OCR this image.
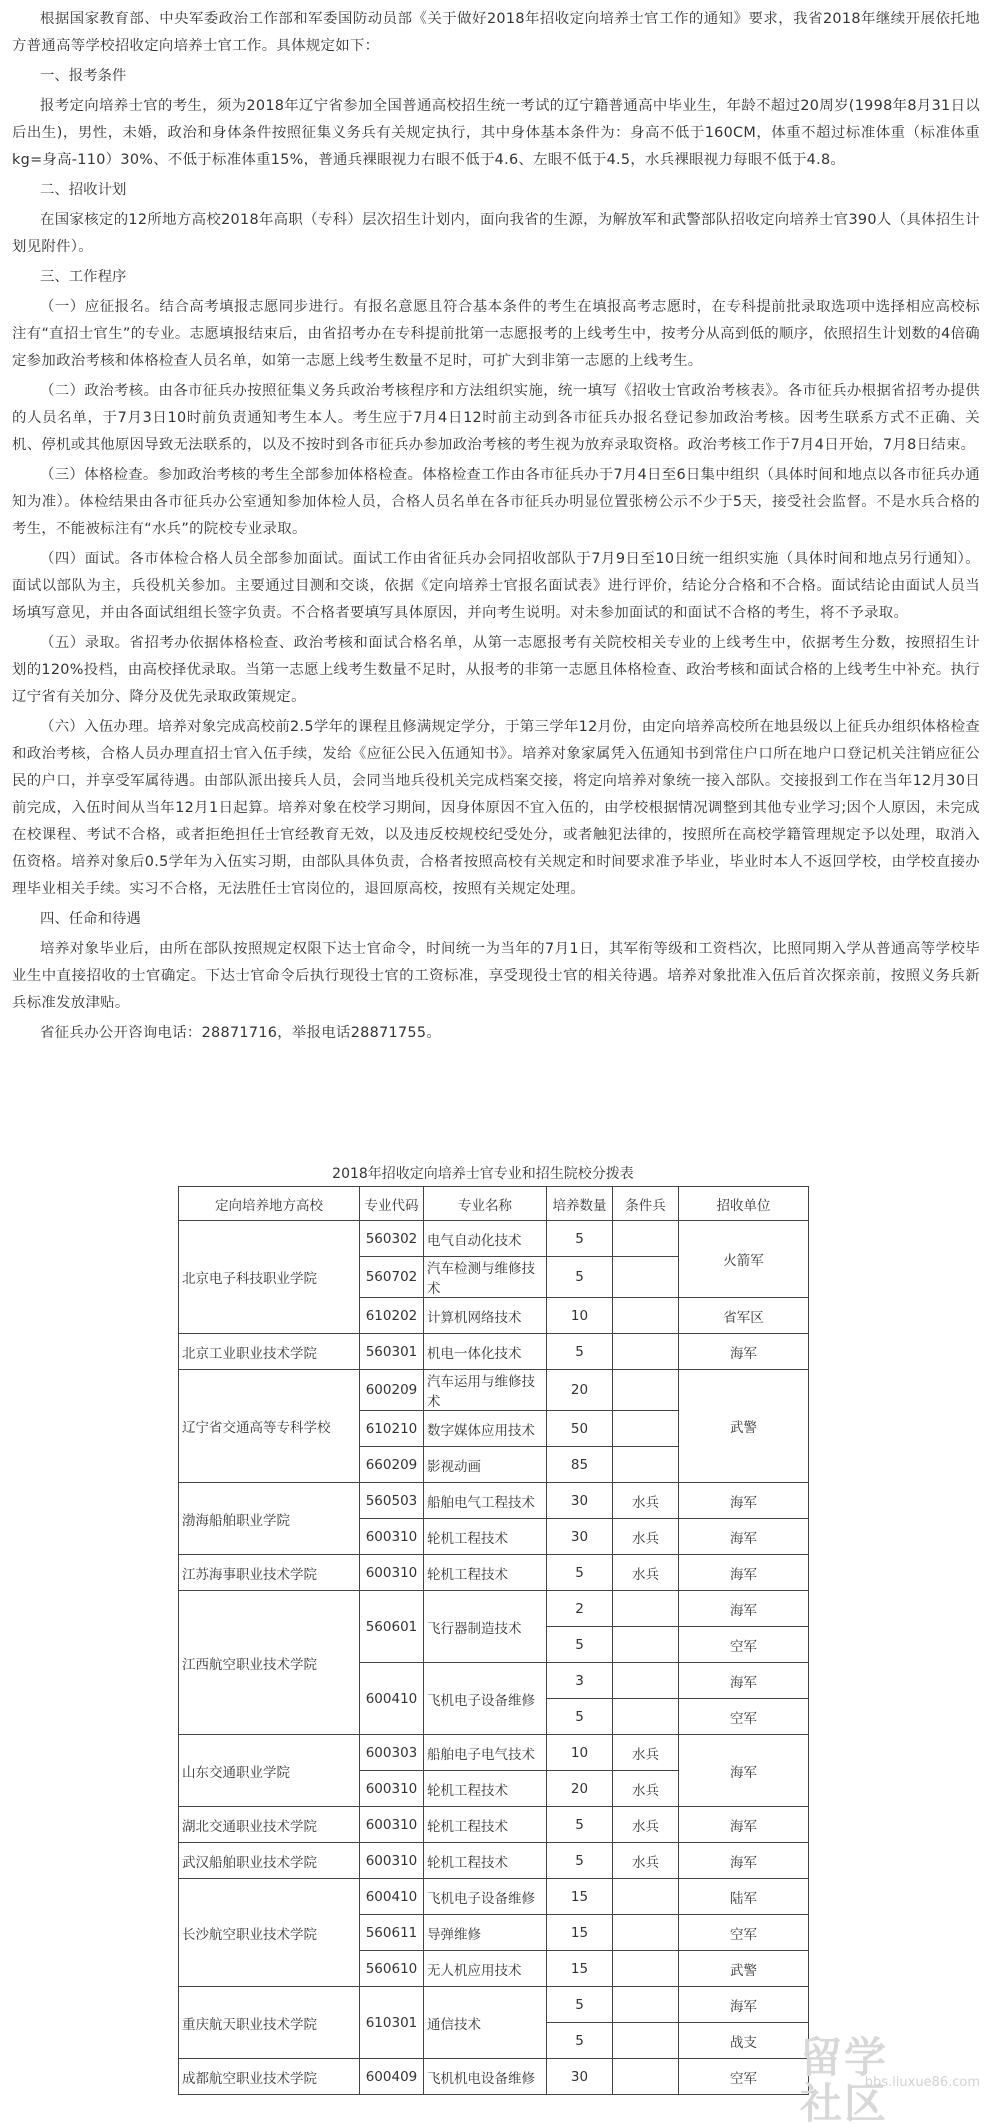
根据国家教育部、中央军委政治工作部和军委国防动员部《关于做好2018年招收定向培养士官工作的通知》要求，我省2018年继续开展依托地方普通高等学校招收定向培养士官工作。具体规定如下：

一、报考条件

报考定向培养士官的考生，须为2018年辽宁省参加全国普通高校招生统一考试的辽宁籍普通高中毕业生，年龄不超过20周岁(1998年8月31日以后出生)，男性，未婚，政治和身体条件按照征集义务兵有关规定执行，其中身体基本条件为：身高不低于160CM，体重不超过标准体重（标准体重kg=身高-110）30%、不低于标准体重15%，普通兵裸眼视力右眼不低于4.6、左眼不低于4.5，水兵裸眼视力每眼不低于4.8。

二、招收计划

在国家核定的12所地方高校2018年高职（专科）层次招生计划内，面向我省的生源，为解放军和武警部队招收定向培养士官390人（具体招生计划见附件）。

三、工作程序

（一）应征报名。结合高考填报志愿同步进行。有报名意愿且符合基本条件的考生在填报高考志愿时，在专科提前批录取选项中选择相应高校标注有“直招士官生”的专业。志愿填报结束后，由省招考办在专科提前批第一志愿报考的上线考生中，按考分从高到低的顺序，依照招生计划数的4倍确定参加政治考核和体格检查人员名单，如第一志愿上线考生数量不足时，可扩大到非第一志愿的上线考生。

（二）政治考核。由各市征兵办按照征集义务兵政治考核程序和方法组织实施，统一填写《招收士官政治考核表》。各市征兵办根据省招考办提供的人员名单，于7月3日10时前负责通知考生本人。考生应于7月4日12时前主动到各市征兵办报名登记参加政治考核。因考生联系方式不正确、关机、停机或其他原因导致无法联系的，以及不按时到各市征兵办参加政治考核的考生视为放弃录取资格。政治考核工作于7月4日开始，7月8日结束。

（三）体格检查。参加政治考核的考生全部参加体格检查。体格检查工作由各市征兵办于7月4日至6日集中组织（具体时间和地点以各市征兵办通知为准）。体检结果由各市征兵办公室通知参加体检人员，合格人员名单在各市征兵办明显位置张榜公示不少于5天，接受社会监督。不是水兵合格的考生，不能被标注有“水兵”的院校专业录取。

（四）面试。各市体检合格人员全部参加面试。面试工作由省征兵办会同招收部队于7月9日至10日统一组织实施（具体时间和地点另行通知）。面试以部队为主，兵役机关参加。主要通过目测和交谈，依据《定向培养士官报名面试表》进行评价，结论分合格和不合格。面试结论由面试人员当场填写意见，并由各面试组组长签字负责。不合格者要填写具体原因，并向考生说明。对未参加面试的和面试不合格的考生，将不予录取。

（五）录取。省招考办依据体格检查、政治考核和面试合格名单，从第一志愿报考有关院校相关专业的上线考生中，依据考生分数，按照招生计划的120%投档，由高校择优录取。当第一志愿上线考生数量不足时，从报考的非第一志愿且体格检查、政治考核和面试合格的上线考生中补充。执行辽宁省有关加分、降分及优先录取政策规定。

（六）入伍办理。培养对象完成高校前2.5学年的课程且修满规定学分，于第三学年12月份，由定向培养高校所在地县级以上征兵办组织体格检查和政治考核，合格人员办理直招士官入伍手续，发给《应征公民入伍通知书》。培养对象家属凭入伍通知书到常住户口所在地户口登记机关注销应征公民的户口，并享受军属待遇。由部队派出接兵人员，会同当地兵役机关完成档案交接，将定向培养对象统一接入部队。交接报到工作在当年12月30日前完成，入伍时间从当年12月1日起算。培养对象在校学习期间，因身体原因不宜入伍的，由学校根据情况调整到其他专业学习;因个人原因，未完成在校课程、考试不合格，或者拒绝担任士官经教育无效，以及违反校规校纪受处分，或者触犯法律的，按照所在高校学籍管理规定予以处理，取消入伍资格。培养对象后0.5学年为入伍实习期，由部队具体负责，合格者按照高校有关规定和时间要求准予毕业，毕业时本人不返回学校，由学校直接办理毕业相关手续。实习不合格，无法胜任士官岗位的，退回原高校，按照有关规定处理。

四、任命和待遇

培养对象毕业后，由所在部队按照规定权限下达士官命令，时间统一为当年的7月1日，其军衔等级和工资档次，比照同期入学从普通高等学校毕业生中直接招收的士官确定。下达士官命令后执行现役士官的工资标准，享受现役士官的相关待遇。培养对象批准入伍后首次探亲前，按照义务兵新兵标准发放津贴。

省征兵办公开咨询电话：28871716，举报电话28871755。

2018年招收定向培养士官专业和招生院校分拨表
定向培养地方高校	专业代码	专业名称	培养数量	条件兵	招收单位
北京电子科技职业学院	560302	电气自动化技术	5		火箭军
	560702	汽车检测与维修技术	5		
	610202	计算机网络技术	10		省军区
北京工业职业技术学院	560301	机电一体化技术	5		海军
辽宁省交通高等专科学校	600209	汽车运用与维修技术	20		武警
	610210	数字媒体应用技术	50		
	660209	影视动画	85		
渤海船舶职业学院	560503	船舶电气工程技术	30	水兵	海军
	600310	轮机工程技术	30	水兵	海军
江苏海事职业技术学院	600310	轮机工程技术	5	水兵	海军
江西航空职业技术学院	560601	飞行器制造技术	2		海军
			5		空军
	600410	飞机电子设备维修	3		海军
			5		空军
山东交通职业学院	600303	船舶电子电气技术	10	水兵	海军
	600310	轮机工程技术	20	水兵	
湖北交通职业技术学院	600310	轮机工程技术	5	水兵	海军
武汉船舶职业技术学院	600310	轮机工程技术	5	水兵	海军
长沙航空职业技术学院	600410	飞机电子设备维修	15		陆军
	560611	导弹维修	15		空军
	560610	无人机应用技术	15		武警
重庆航天职业技术学院	610301	通信技术	5		海军
			5		战支
成都航空职业技术学院	600409	飞机机电设备维修	30		空军 留学社区
bbs.liuxue86.com
